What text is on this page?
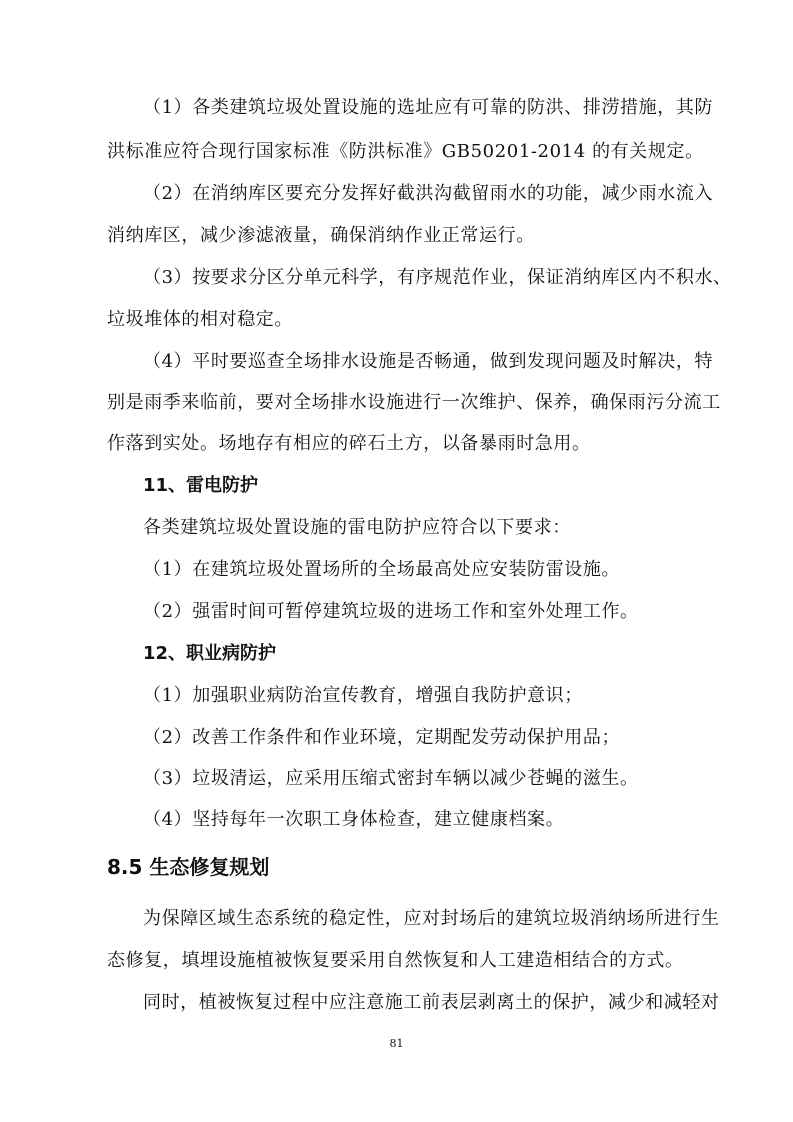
（1）各类建筑垃圾处置设施的选址应有可靠的防洪、排涝措施，其防
洪标准应符合现行国家标准《防洪标准》GB50201-2014 的有关规定。
（2）在消纳库区要充分发挥好截洪沟截留雨水的功能，减少雨水流入
消纳库区，减少渗滤液量，确保消纳作业正常运行。
（3）按要求分区分单元科学，有序规范作业，保证消纳库区内不积水、
垃圾堆体的相对稳定。
（4）平时要巡查全场排水设施是否畅通，做到发现问题及时解决，特
别是雨季来临前，要对全场排水设施进行一次维护、保养，确保雨污分流工
作落到实处。场地存有相应的碎石土方，以备暴雨时急用。
11、雷电防护
各类建筑垃圾处置设施的雷电防护应符合以下要求：
（1）在建筑垃圾处置场所的全场最高处应安装防雷设施。
（2）强雷时间可暂停建筑垃圾的进场工作和室外处理工作。
12、职业病防护
（1）加强职业病防治宣传教育，增强自我防护意识；
（2）改善工作条件和作业环境，定期配发劳动保护用品；
（3）垃圾清运，应采用压缩式密封车辆以减少苍蝇的滋生。
（4）坚持每年一次职工身体检查，建立健康档案。
8.5 生态修复规划
为保障区域生态系统的稳定性，应对封场后的建筑垃圾消纳场所进行生
态修复，填埋设施植被恢复要采用自然恢复和人工建造相结合的方式。
同时，植被恢复过程中应注意施工前表层剥离土的保护，减少和减轻对
81
